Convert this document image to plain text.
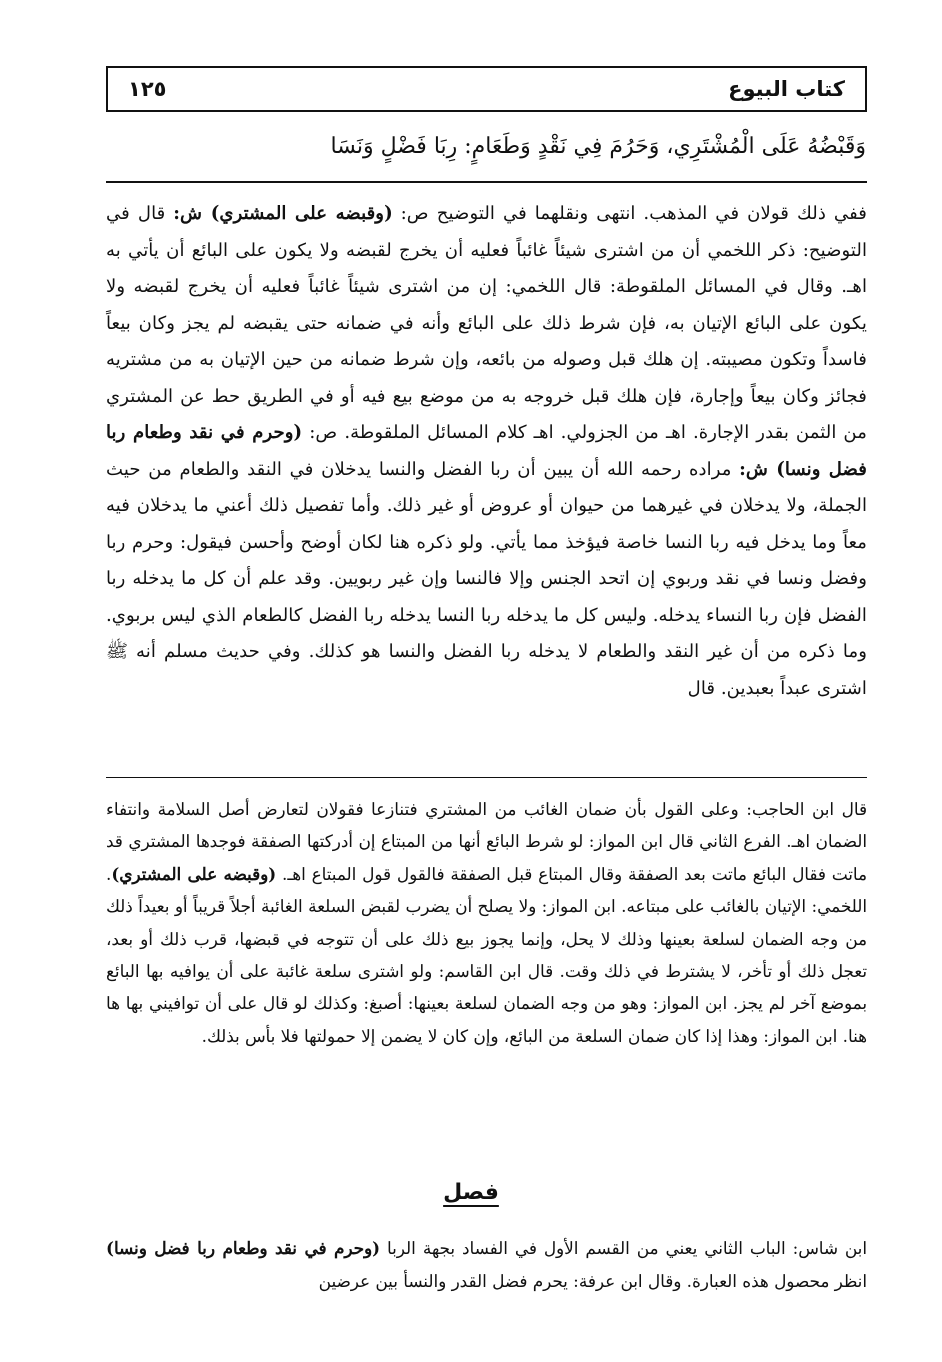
كتاب البيوع
١٢٥
وَقَبْضُهُ عَلَى الْمُشْتَرِي، وَحَرُمَ فِي نَقْدٍ وَطَعَامٍ: رِبَا فَضْلٍ وَنَسَا

ففي ذلك قولان في المذهب. انتهى ونقلهما في التوضيح ص: (وقبضه على المشتري) ش: قال في التوضيح: ذكر اللخمي أن من اشترى شيئاً غائباً فعليه أن يخرج لقبضه ولا يكون على البائع أن يأتي به اهـ. وقال في المسائل الملقوطة: قال اللخمي: إن من اشترى شيئاً غائباً فعليه أن يخرج لقبضه ولا يكون على البائع الإتيان به، فإن شرط ذلك على البائع وأنه في ضمانه حتى يقبضه لم يجز وكان بيعاً فاسداً وتكون مصيبته. إن هلك قبل وصوله من بائعه، وإن شرط ضمانه من حين الإتيان به من مشتريه فجائز وكان بيعاً وإجارة، فإن هلك قبل خروجه به من موضع بيع فيه أو في الطريق حط عن المشتري من الثمن بقدر الإجارة. اهـ من الجزولي. اهـ كلام المسائل الملقوطة. ص: (وحرم في نقد وطعام ربا فضل ونسا) ش: مراده رحمه الله أن يبين أن ربا الفضل والنسا يدخلان في النقد والطعام من حيث الجملة، ولا يدخلان في غيرهما من حيوان أو عروض أو غير ذلك. وأما تفصيل ذلك أعني ما يدخلان فيه معاً وما يدخل فيه ربا النسا خاصة فيؤخذ مما يأتي. ولو ذكره هنا لكان أوضح وأحسن فيقول: وحرم ربا وفضل ونسا في نقد وربوي إن اتحد الجنس وإلا فالنسا وإن غير ربويين. وقد علم أن كل ما يدخله ربا الفضل فإن ربا النساء يدخله. وليس كل ما يدخله ربا النسا يدخله ربا الفضل كالطعام الذي ليس بربوي. وما ذكره من أن غير النقد والطعام لا يدخله ربا الفضل والنسا هو كذلك. وفي حديث مسلم أنه ﷺ اشترى عبداً بعبدين. قال

قال ابن الحاجب: وعلى القول بأن ضمان الغائب من المشتري فتنازعا فقولان لتعارض أصل السلامة وانتفاء الضمان اهـ. الفرع الثاني قال ابن المواز: لو شرط البائع أنها من المبتاع إن أدركتها الصفقة فوجدها المشتري قد ماتت فقال البائع ماتت بعد الصفقة وقال المبتاع قبل الصفقة فالقول قول المبتاع اهـ. (وقبضه على المشتري). اللخمي: الإتيان بالغائب على مبتاعه. ابن المواز: ولا يصلح أن يضرب لقبض السلعة الغائبة أجلاً قريباً أو بعيداً ذلك من وجه الضمان لسلعة بعينها وذلك لا يحل، وإنما يجوز بيع ذلك على أن تتوجه في قبضها، قرب ذلك أو بعد، تعجل ذلك أو تأخر، لا يشترط في ذلك وقت. قال ابن القاسم: ولو اشترى سلعة غائبة على أن يوافيه بها البائع بموضع آخر لم يجز. ابن المواز: وهو من وجه الضمان لسلعة بعينها: أصبغ: وكذلك لو قال على أن توافيني بها ها هنا. ابن المواز: وهذا إذا كان ضمان السلعة من البائع، وإن كان لا يضمن إلا حمولتها فلا بأس بذلك.

فصل

ابن شاس: الباب الثاني يعني من القسم الأول في الفساد بجهة الربا (وحرم في نقد وطعام ربا فضل ونسا) انظر محصول هذه العبارة. وقال ابن عرفة: يحرم فضل القدر والنسأ بين عرضين
